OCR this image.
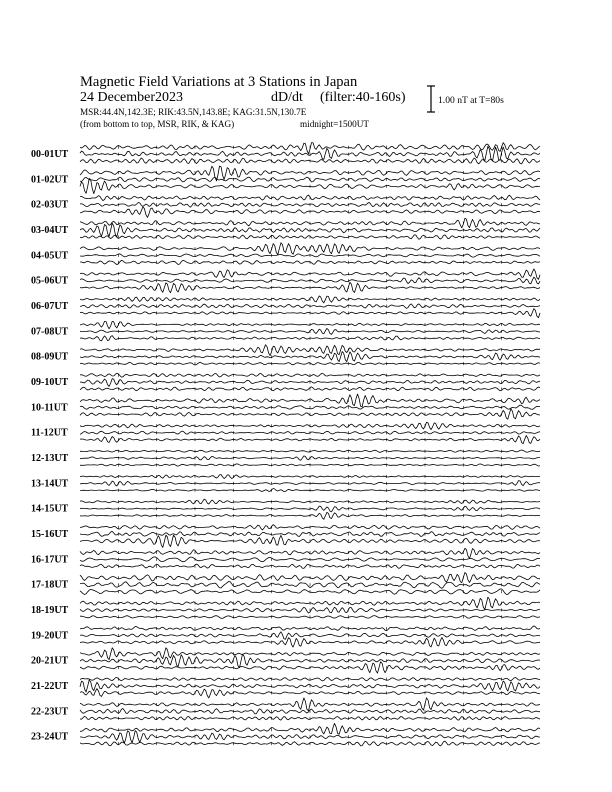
Magnetic Field Variations at 3 Stations in Japan
24 December2023	dD/dt (filter:40-160s)
MSR:44.4N,142.3E; RIK:43.5N,143.8E; KAG:31.5N,130.7E
(from bottom to top, MSR, RIK, & KAG)	midnight=1500UT
1.00 nT at T=80s
00-01UT
01-02UT
02-03UT
03-04UT
04-05UT
05-06UT
06-07UT
07-08UT
08-09UT
09-10UT
10-11UT
11-12UT
12-13UT
13-14UT
14-15UT
15-16UT
16-17UT
17-18UT
18-19UT
19-20UT
20-21UT
21-22UT
22-23UT
23-24UT
